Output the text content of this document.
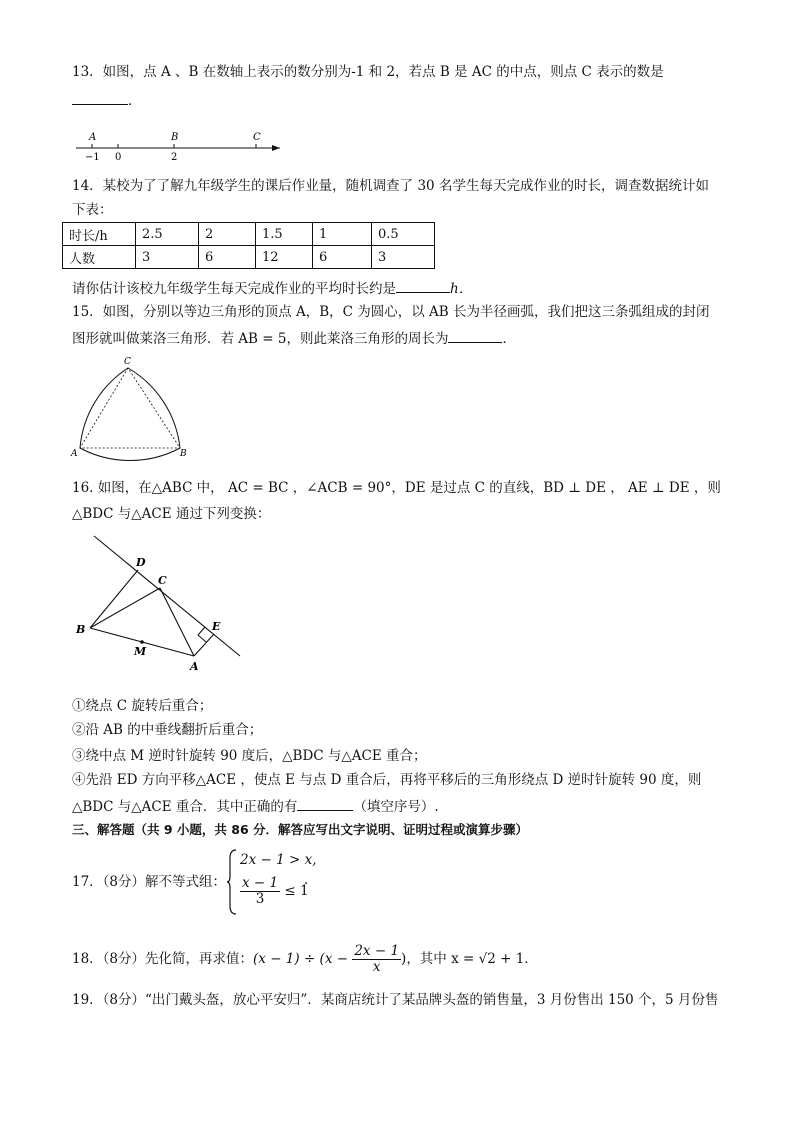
13．如图，点 A 、B 在数轴上表示的数分别为-1 和 2，若点 B 是 AC 的中点，则点 C 表示的数是
．
A	B	C
−1 0	2
14．某校为了了解九年级学生的课后作业量，随机调查了 30 名学生每天完成作业的时长，调查数据统计如
下表：
时长/h	2.5	2	1.5	1	0.5
人数	3	6	12	6	3
请你估计该校九年级学生每天完成作业的平均时长约是	h．
15．如图，分别以等边三角形的顶点 A，B，C 为圆心，以 AB 长为半径画弧，我们把这三条弧组成的封闭
图形就叫做莱洛三角形．若 AB = 5，则此莱洛三角形的周长为	．
C
A	B
16. 如图，在△ABC 中， AC = BC ，∠ACB = 90°，DE 是过点 C 的直线，BD ⊥ DE ， AE ⊥ DE ，则
△BDC 与△ACE 通过下列变换：
D
C
B
M
A
E
①绕点 C 旋转后重合；
②沿 AB 的中垂线翻折后重合；
③绕中点 M 逆时针旋转 90 度后，△BDC 与△ACE 重合；
④先沿 ED 方向平移△ACE ，使点 E 与点 D 重合后，再将平移后的三角形绕点 D 逆时针旋转 90 度，则
△BDC 与△ACE 重合．其中正确的有	（填空序号）.
三、解答题（共 9 小题，共 86 分．解答应写出文字说明、证明过程或演算步骤）
17．（8分）解不等式组：
2x − 1 > x,
$\frac{x - 1}{3} \le 1$
．
18．（8分）先化简，再求值：$(x - 1) \div (x - \frac{2x - 1}{x}$ )，其中 x = √2 + 1．
19．（8分）“出门戴头盔，放心平安归”．某商店统计了某品牌头盔的销售量，3 月份售出 150 个，5 月份售
